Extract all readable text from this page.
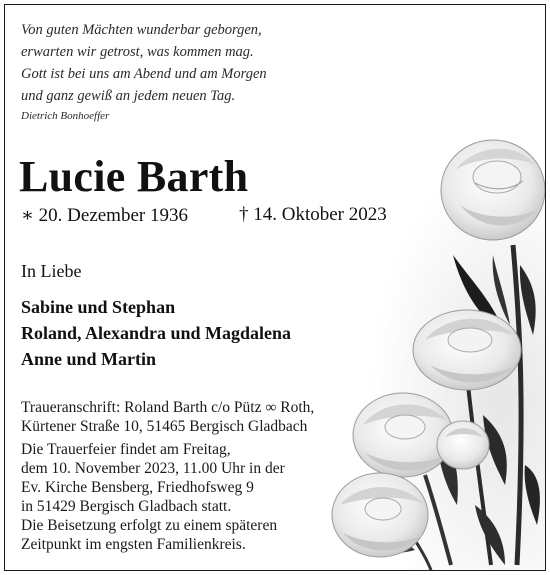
Von guten Mächten wunderbar geborgen,
erwarten wir getrost, was kommen mag.
Gott ist bei uns am Abend und am Morgen
und ganz gewiß an jedem neuen Tag.
Dietrich Bonhoeffer
Lucie Barth
∗ 20. Dezember 1936	† 14. Oktober 2023
In Liebe
Sabine und Stephan
Roland, Alexandra und Magdalena
Anne und Martin
Traueranschrift: Roland Barth c/o Pütz ∞ Roth,
Kürtener Straße 10, 51465 Bergisch Gladbach
Die Trauerfeier findet am Freitag,
dem 10. November 2023, 11.00 Uhr in der
Ev. Kirche Bensberg, Friedhofsweg 9
in 51429 Bergisch Gladbach statt.
Die Beisetzung erfolgt zu einem späteren
Zeitpunkt im engsten Familienkreis.
